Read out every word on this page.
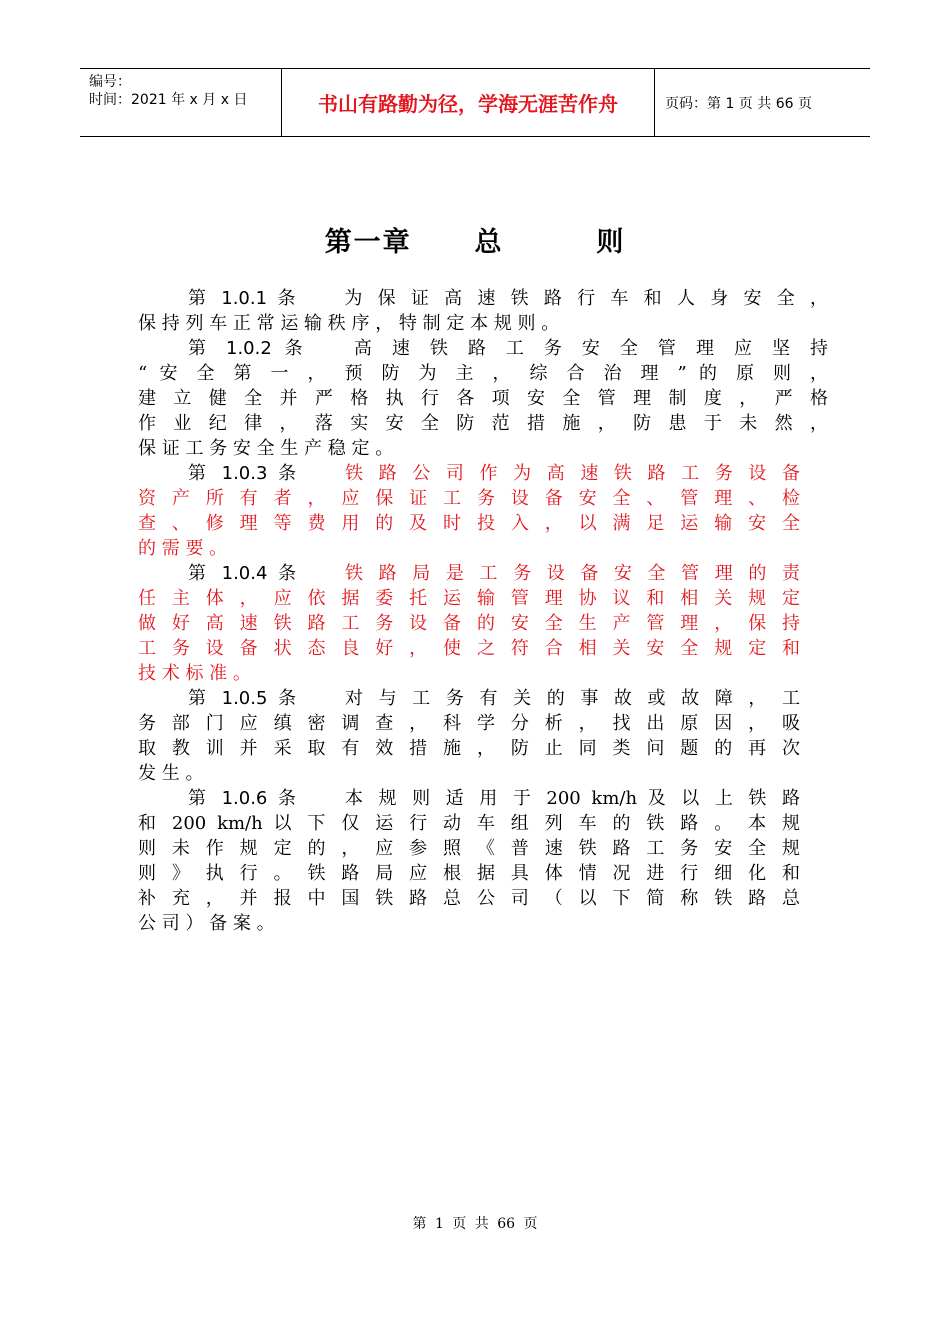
编号：
时间：2021 年 x 月 x 日	书山有路勤为径，学海无涯苦作舟	页码：第 1 页 共 66 页
第一章 总	则
第 1.0.1 条 为 保 证 高 速 铁 路 行 车 和 人 身 安 全 ，
保 持 列 车 正 常 运 输 秩 序 ， 特 制 定 本 规 则 。
第 1.0.2 条 高 速 铁 路 工 务 安 全 管 理 应 坚 持
“ 安 全 第 一 ， 预 防 为 主 ， 综 合 治 理 ” 的 原 则 ，
建 立 健 全 并 严 格 执 行 各 项 安 全 管 理 制 度 ， 严 格
作 业 纪 律 ， 落 实 安 全 防 范 措 施 ， 防 患 于 未 然 ，
保 证 工 务 安 全 生 产 稳 定 。
第 1.0.3 条 铁 路 公 司 作 为 高 速 铁 路 工 务 设 备
资 产 所 有 者 ， 应 保 证 工 务 设 备 安 全 、 管 理 、 检
查 、 修 理 等 费 用 的 及 时 投 入 ， 以 满 足 运 输 安 全
的 需 要 。
第 1.0.4 条 铁 路 局 是 工 务 设 备 安 全 管 理 的 责
任 主 体 ， 应 依 据 委 托 运 输 管 理 协 议 和 相 关 规 定
做 好 高 速 铁 路 工 务 设 备 的 安 全 生 产 管 理 ， 保 持
工 务 设 备 状 态 良 好 ， 使 之 符 合 相 关 安 全 规 定 和
技 术 标 准 。
第 1.0.5 条 对 与 工 务 有 关 的 事 故 或 故 障 ， 工
务 部 门 应 缜 密 调 查 ， 科 学 分 析 ， 找 出 原 因 ， 吸
取 教 训 并 采 取 有 效 措 施 ， 防 止 同 类 问 题 的 再 次
发 生 。
第 1.0.6 条 本 规 则 适 用 于 200 km/h 及 以 上 铁 路
和 200 km/h 以 下 仅 运 行 动 车 组 列 车 的 铁 路 。 本 规
则 未 作 规 定 的 ， 应 参 照 《 普 速 铁 路 工 务 安 全 规
则 》 执 行 。 铁 路 局 应 根 据 具 体 情 况 进 行 细 化 和
补 充 ， 并 报 中 国 铁 路 总 公 司 （ 以 下 简 称 铁 路 总
公 司 ） 备 案 。
第 1 页 共 66 页
